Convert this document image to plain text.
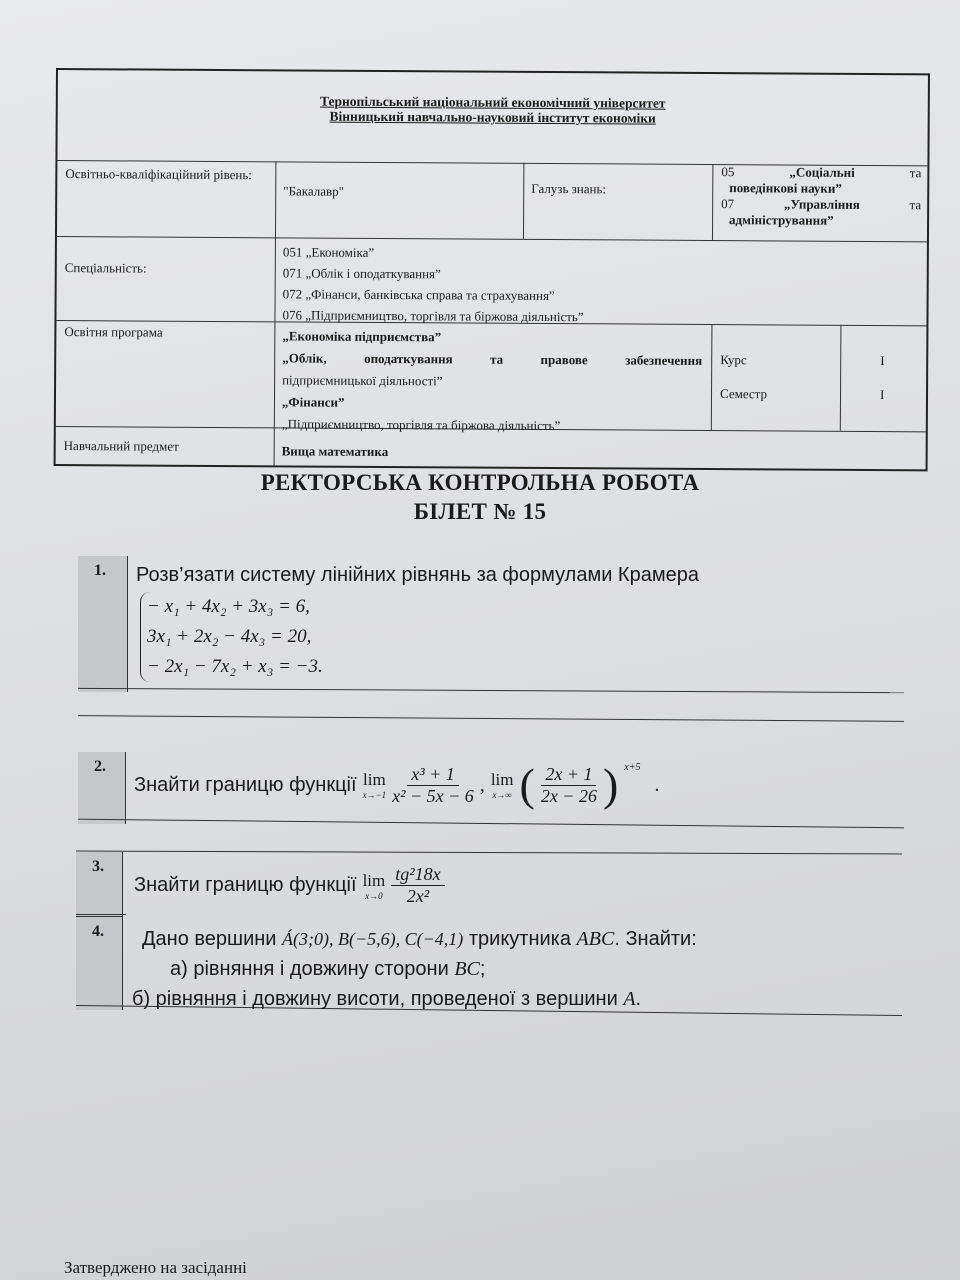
Тернопільський національний економічний університет
Вінницький навчально-науковий інститут економіки
Освітньо-кваліфікаційний рівень:
"Бакалавр"	Галузь знань:
05	„Соціальні	та
поведінкові науки”
07	„Управління	та
адміністрування”
Спеціальність:
051 „Економіка”
071 „Облік і оподаткування”
072 „Фінанси, банківська справа та страхування”
076 „Підприємництво, торгівля та біржова діяльність”
Освітня програма	„Економіка підприємства”
„Облік, оподаткування та правове забезпечення
підприємницької діяльності”
„Фінанси”
„Підприємництво, торгівля та біржова діяльність”
Курс	I
Семестр	I
Навчальний предмет	Вища математика
РЕКТОРСЬКА КОНТРОЛЬНА РОБОТА
БІЛЕТ № 15
1.	Розв’язати систему лінійних рівнянь за формулами Крамера
− x₁ + 4x₂ + 3x₃ = 6,
3x₁ + 2x₂ − 4x₃ = 20,
− 2x₁ − 7x₂ + x₃ = −3.
2.
Знайти границю функції lim
$x\to-1 \frac{\text{x³ + 1}}{\text{x² − 5x − 6}}$ , lim
x→∞ ( $\frac{2x + 1}{2x - 26}$ ) x+5
.
3.
4.
Знайти границю функції lim
$x\to 0 \frac{\text{tg²18x}}{\text{2x²}}$
Дано вершини Á(3;0), B(−5,6), C(−4,1) трикутника ABC. Знайти:
а) рівняння і довжину сторони BC;
б) рівняння і довжину висоти, проведеної з вершини A.
Затверджено на засіданні
